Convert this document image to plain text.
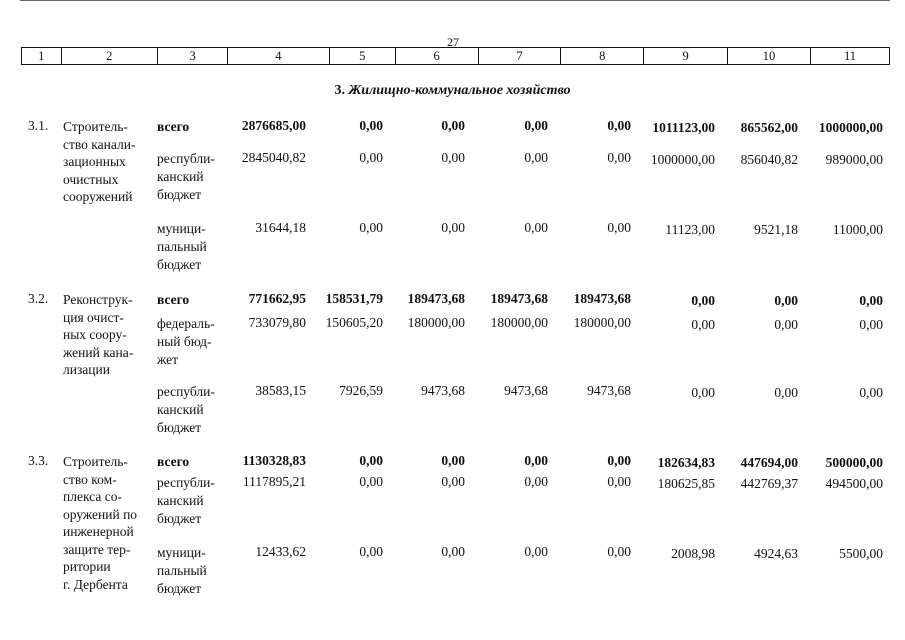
27
1	2	3	4	5	6	7	8	9	10	11
3. Жилищно-коммунальное хозяйство
3.1. Строитель-
ство канали-
зационных
очистных
сооружений
всего	2876685,00	0,00	0,00	0,00	0,00 1011123,00 865562,00 1000000,00
республи-
канский
бюджет
2845040,82	0,00	0,00	0,00	0,00 1000000,00 856040,82 989000,00
муници-
пальный
бюджет
31644,18	0,00	0,00	0,00	0,00	11123,00	9521,18	11000,00
3.2. Реконструк-
ция очист-
ных соору-
жений кана-
лизации
всего	771662,95 158531,79 189473,68 189473,68 189473,68	0,00	0,00	0,00
федераль-
ный бюд-
жет
733079,80 150605,20 180000,00 180000,00 180000,00	0,00	0,00	0,00
республи-
канский
бюджет
38583,15 7926,59	9473,68	9473,68	9473,68	0,00	0,00	0,00
3.3. Строитель-
ство ком-
плекса со-
оружений по
инженерной
защите тер-
ритории
г. Дербента
всего	1130328,83	0,00	0,00	0,00	0,00 182634,83 447694,00 500000,00
республи-
канский
бюджет
1117895,21	0,00	0,00	0,00	0,00 180625,85 442769,37 494500,00
муници-
пальный
бюджет
12433,62	0,00	0,00	0,00	0,00	2008,98	4924,63	5500,00
